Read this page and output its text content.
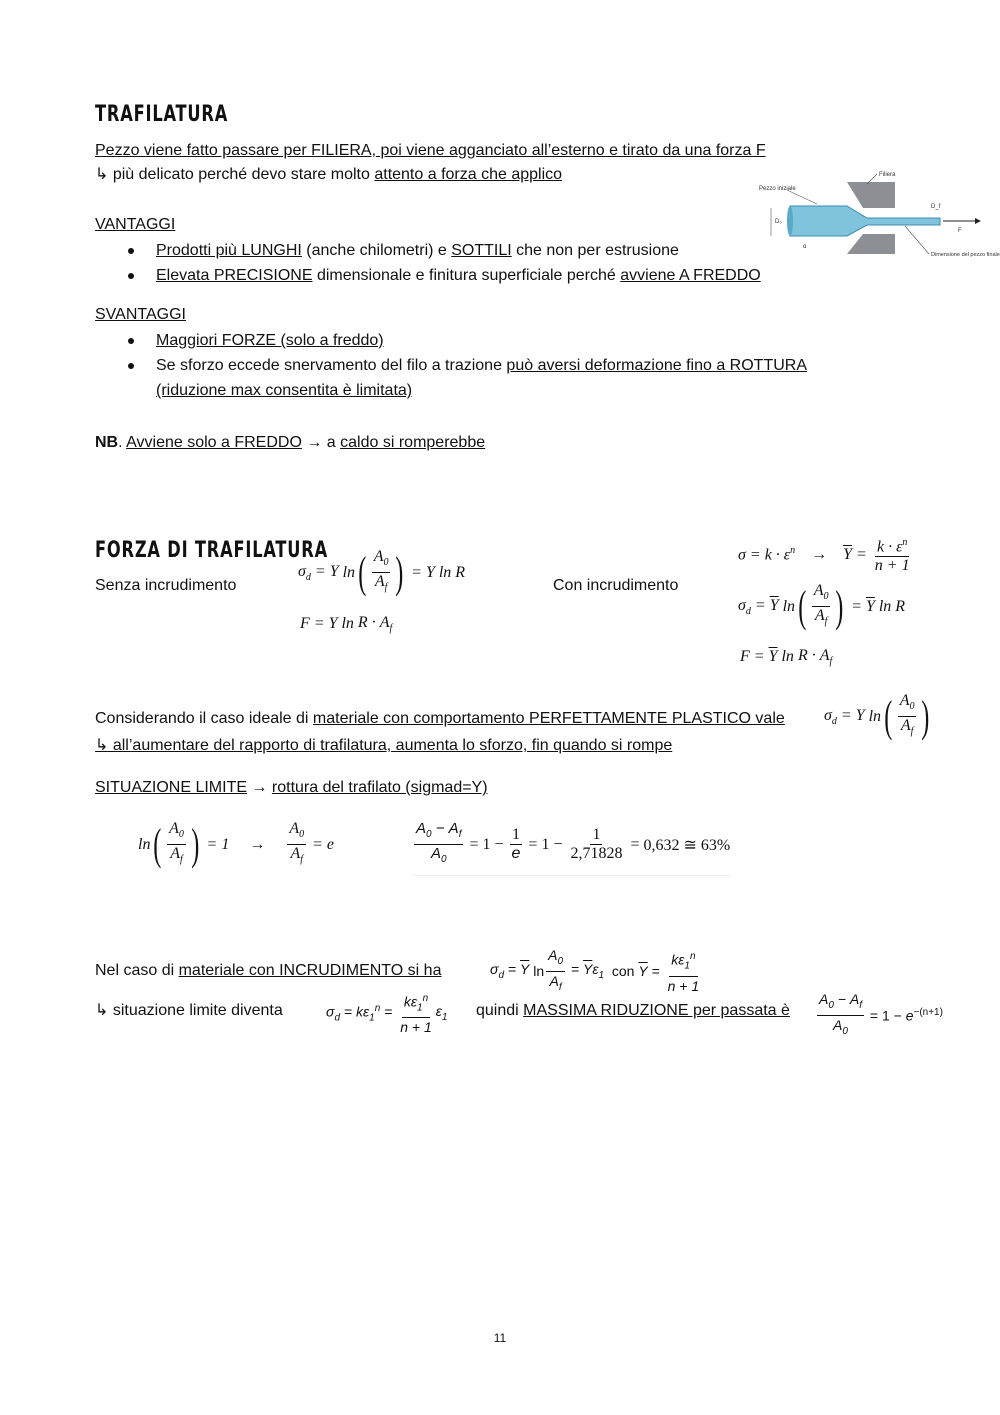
TRAFILATURA
Pezzo viene fatto passare per FILIERA, poi viene agganciato all’esterno e tirato da una forza F
↳ più delicato perché devo stare molto attento a forza che applico
F
Pezzo iniziale
Filiera
D_f
D₀
α
Dimensione del pezzo finale
VANTAGGI
Prodotti più LUNGHI (anche chilometri) e SOTTILI che non per estrusione
Elevata PRECISIONE dimensionale e finitura superficiale perché avviene A FREDDO
SVANTAGGI
Maggiori FORZE (solo a freddo)
Se sforzo eccede snervamento del filo a trazione può aversi deformazione fino a ROTTURA
(riduzione max consentita è limitata)
NB. Avviene solo a FREDDO → a caldo si romperebbe
FORZA DI TRAFILATURA
Senza incrudimento	Con incrudimento
$\sigma_d = Y$ ln ( $\frac{A_0}{A_f}$ ) = Y ln R
F = Y $\ln R \cdot A_f$
$\sigma = k \cdot \varepsilon^n$	→	$\overline{Y} = \frac{k \cdot \varepsilon^n}{n + 1}$
$\sigma_d = \overline{Y}$ ln ( $\frac{A_0}{A_f}$ ) = $\overline{Y}$ ln R
$F = \overline{Y}$ $\ln R \cdot A_f$
Considerando il caso ideale di materiale con comportamento PERFETTAMENTE PLASTICO vale
↳ all’aumentare del rapporto di trafilatura, aumenta lo sforzo, fin quando si rompe
$\sigma_d = Y$ ln ( $\frac{A_0}{A_f}$ )
SITUAZIONE LIMITE → rottura del trafilato (sigmad=Y)
ln ( $\frac{A_0}{A_f}$ ) = 1     → $\frac{A_0}{A_f} = e$	$\frac{A_0 - A_f}{A_0} = 1 - \frac{1}{e} = 1 - \frac{1}{2,71828} = 0,632$ ≅ 63%
Nel caso di materiale con INCRUDIMENTO si ha	$\sigma_d = \overline{Y}$ $\ln \frac{A_0}{A_f} = \overline{Y}\varepsilon_1$ con $\overline{Y} = \frac{k\varepsilon_1^n}{n + 1}$
↳ situazione limite diventa	$\sigma_d = k\varepsilon_1^n = \frac{k\varepsilon_1^n}{n + 1} \varepsilon_1$ quindi MASSIMA RIDUZIONE per passata è $\frac{A_0 - A_f}{A_0} = 1 - e^{-(n+1)}$
11
